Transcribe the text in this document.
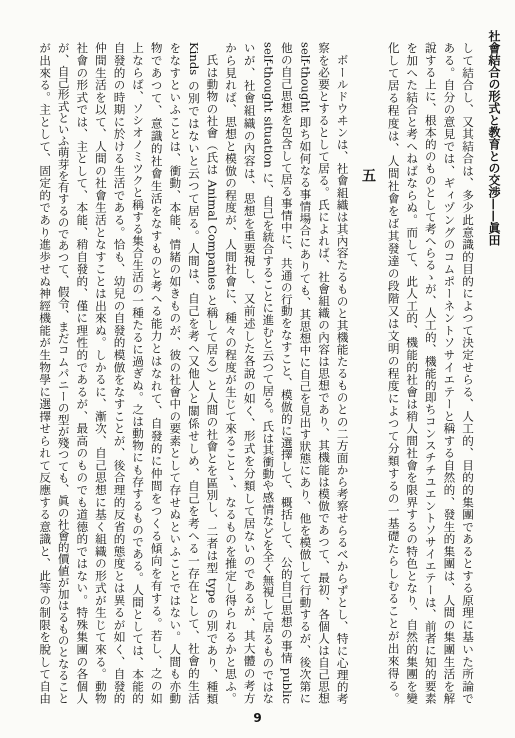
社會結合の形式と教育との交渉——眞田
して結合し、又其結合は、多少此意識的目的によつて決定せらる、人工的、目的的集團であるとする原理に基いた所論で
ある。自分の意見では、ギィヅングのコムポーネントソサイエテーと稱する自然的、發生的集團は、人間の集團生活を解
說する上に、根本的のものとして考へらるゝが、人工的、機能的即ちコンスチチユエントソサイエテーは、前者に知的要素
を加へた結合と考へねばならぬ。而して、此人工的、機能的社會は稍人間社會を限界するの特色となり、自然的集團を變
化して居る程度は、人間社會をば其發達の段階又は文明の程度によつて分類するの一基礎たらしむることが出來得る。
五
ボールドウヰンは、社會組織は其內容たるものと其機能たるものとの二方面から考察せらるべからずとし、特に心理的考
察を必要とするとして居る。氏によれば、社會組織の內容は思想であり、其機能は模倣であつて、最初、各個人は自己思想
self-thought 即ち如何なる事情場合にありても、其思想中に自己を見出す狀態にあり、他を模倣して行動するが、後次第に
他の自己思想を包含して居る事情中に、共通の行動をなすこと、模倣的に選擇して、概括して、公的自己思想の事情 public
self-thought situation に、自己を統合することに進むと云つて居る。氏は其衝動や感情などを全く無視して居るものではな
いが、社會組織の內容は、思想を重要視し、又前述した各說の如く、形式を分類して居ないのであるが、其大體の考方
から見れば、思想と模倣の程度が、人間社會に、種々の程度が生じて來ることゝ、なるものを推定し得られるかと思ふ。
氏は動物の社會（氏は Animal Companies と稱して居る）と人間の社會とを區別し、二者は型 type の別であり、種類
Kinds の別ではないと云つて居る。人間は、自己を考へ又他人と關係せしめ、自己を考へる一存在として、社會的生活
をなすといふことは、衝動、本能、情緒の如きものが、彼の社會中の要素として存せぬといふことではない。人間も亦動
物であつて、意識的社會生活をなすものと考へる能力とはなれて、自發的に仲間をつくる傾向を有する。若し、之の如
上ならば、ソシオノミツクと稱する集合生活の一種たるに過ぎぬ。之は動物にも存するものである。人間としては、本能的
自發的の時期に於ける生活である。恰も、幼兒の自發的模倣をなすことが、後合理的反省的態度とは異るが如く、自發的
仲間生活を以て、人間の社會生活となすことは出來ぬ。しかるに、漸次、自己思想に基く組織の形式が生じて來る。動物
社會の形式では、主として、本能、稍自發的、僅に理性的であるが、最高のものでも道德的ではない。特殊集團の各個人
が、自己形式といふ萌芽を有するのであつて、假令、まだコムパニーの型が殘つても、眞の社會的價値が加はるものとなること
が出來る。主として、固定的であり進歩せぬ神經機能が生物學に選擇せられて反應する意識と、此等の制限を脫して自由
9
